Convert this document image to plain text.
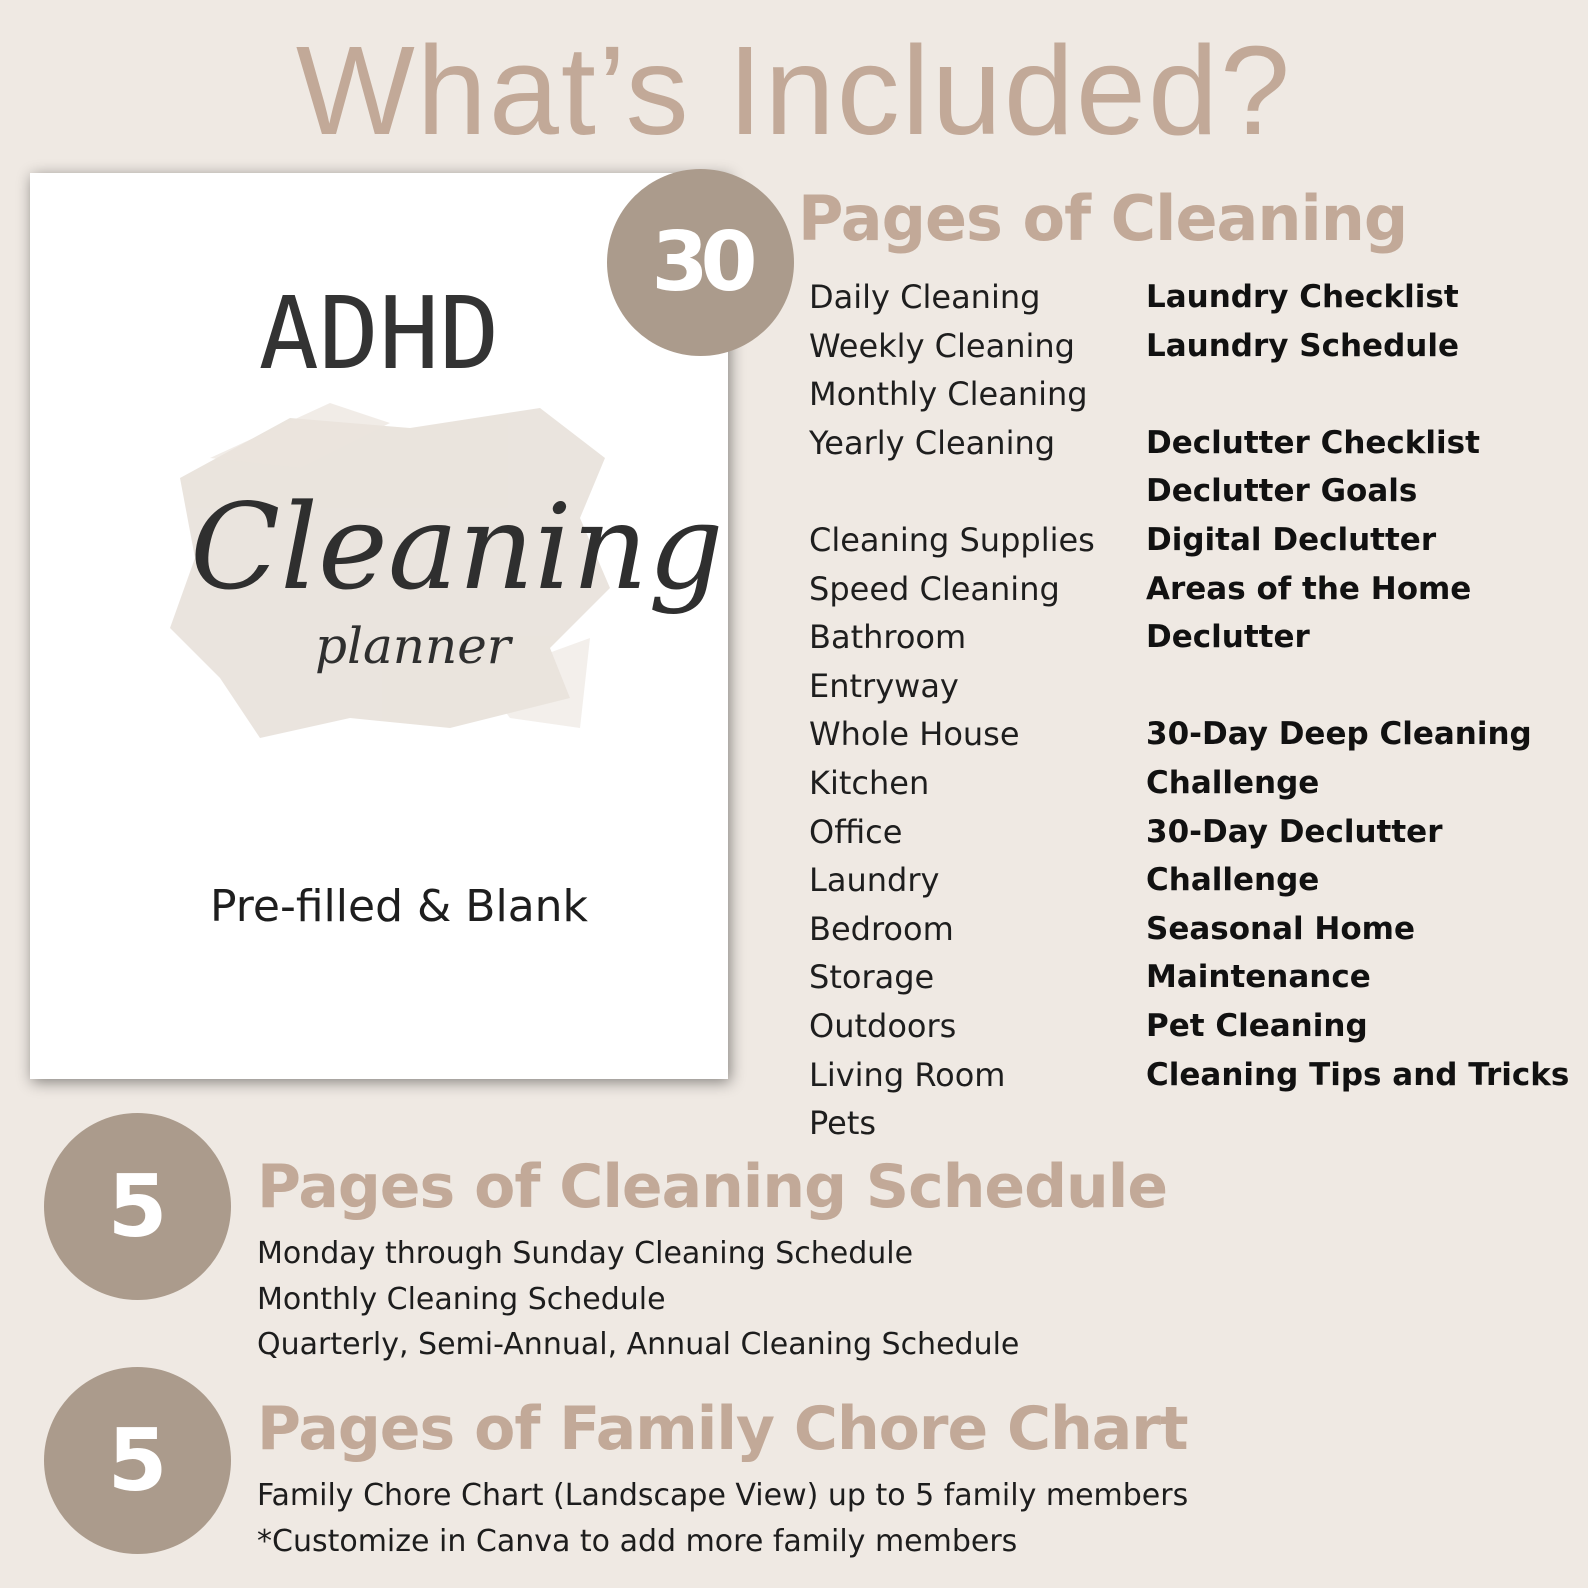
What’s Included?
ADHD
Cleaning
planner
Pre-filled & Blank
30 Pages of Cleaning
Daily Cleaning
Weekly Cleaning
Monthly Cleaning
Yearly Cleaning
Cleaning Supplies
Speed Cleaning
Bathroom
Entryway
Whole House
Kitchen
Office
Laundry
Bedroom
Storage
Outdoors
Living Room
Pets
Laundry Checklist
Laundry Schedule
Declutter Checklist
Declutter Goals
Digital Declutter
Areas of the Home
Declutter
30-Day Deep Cleaning
Challenge
30-Day Declutter
Challenge
Seasonal Home
Maintenance
Pet Cleaning
Cleaning Tips and Tricks
5	Pages of Cleaning Schedule
Monday through Sunday Cleaning Schedule
Monthly Cleaning Schedule
Quarterly, Semi-Annual, Annual Cleaning Schedule
5	Pages of Family Chore Chart
Family Chore Chart (Landscape View) up to 5 family members
*Customize in Canva to add more family members
